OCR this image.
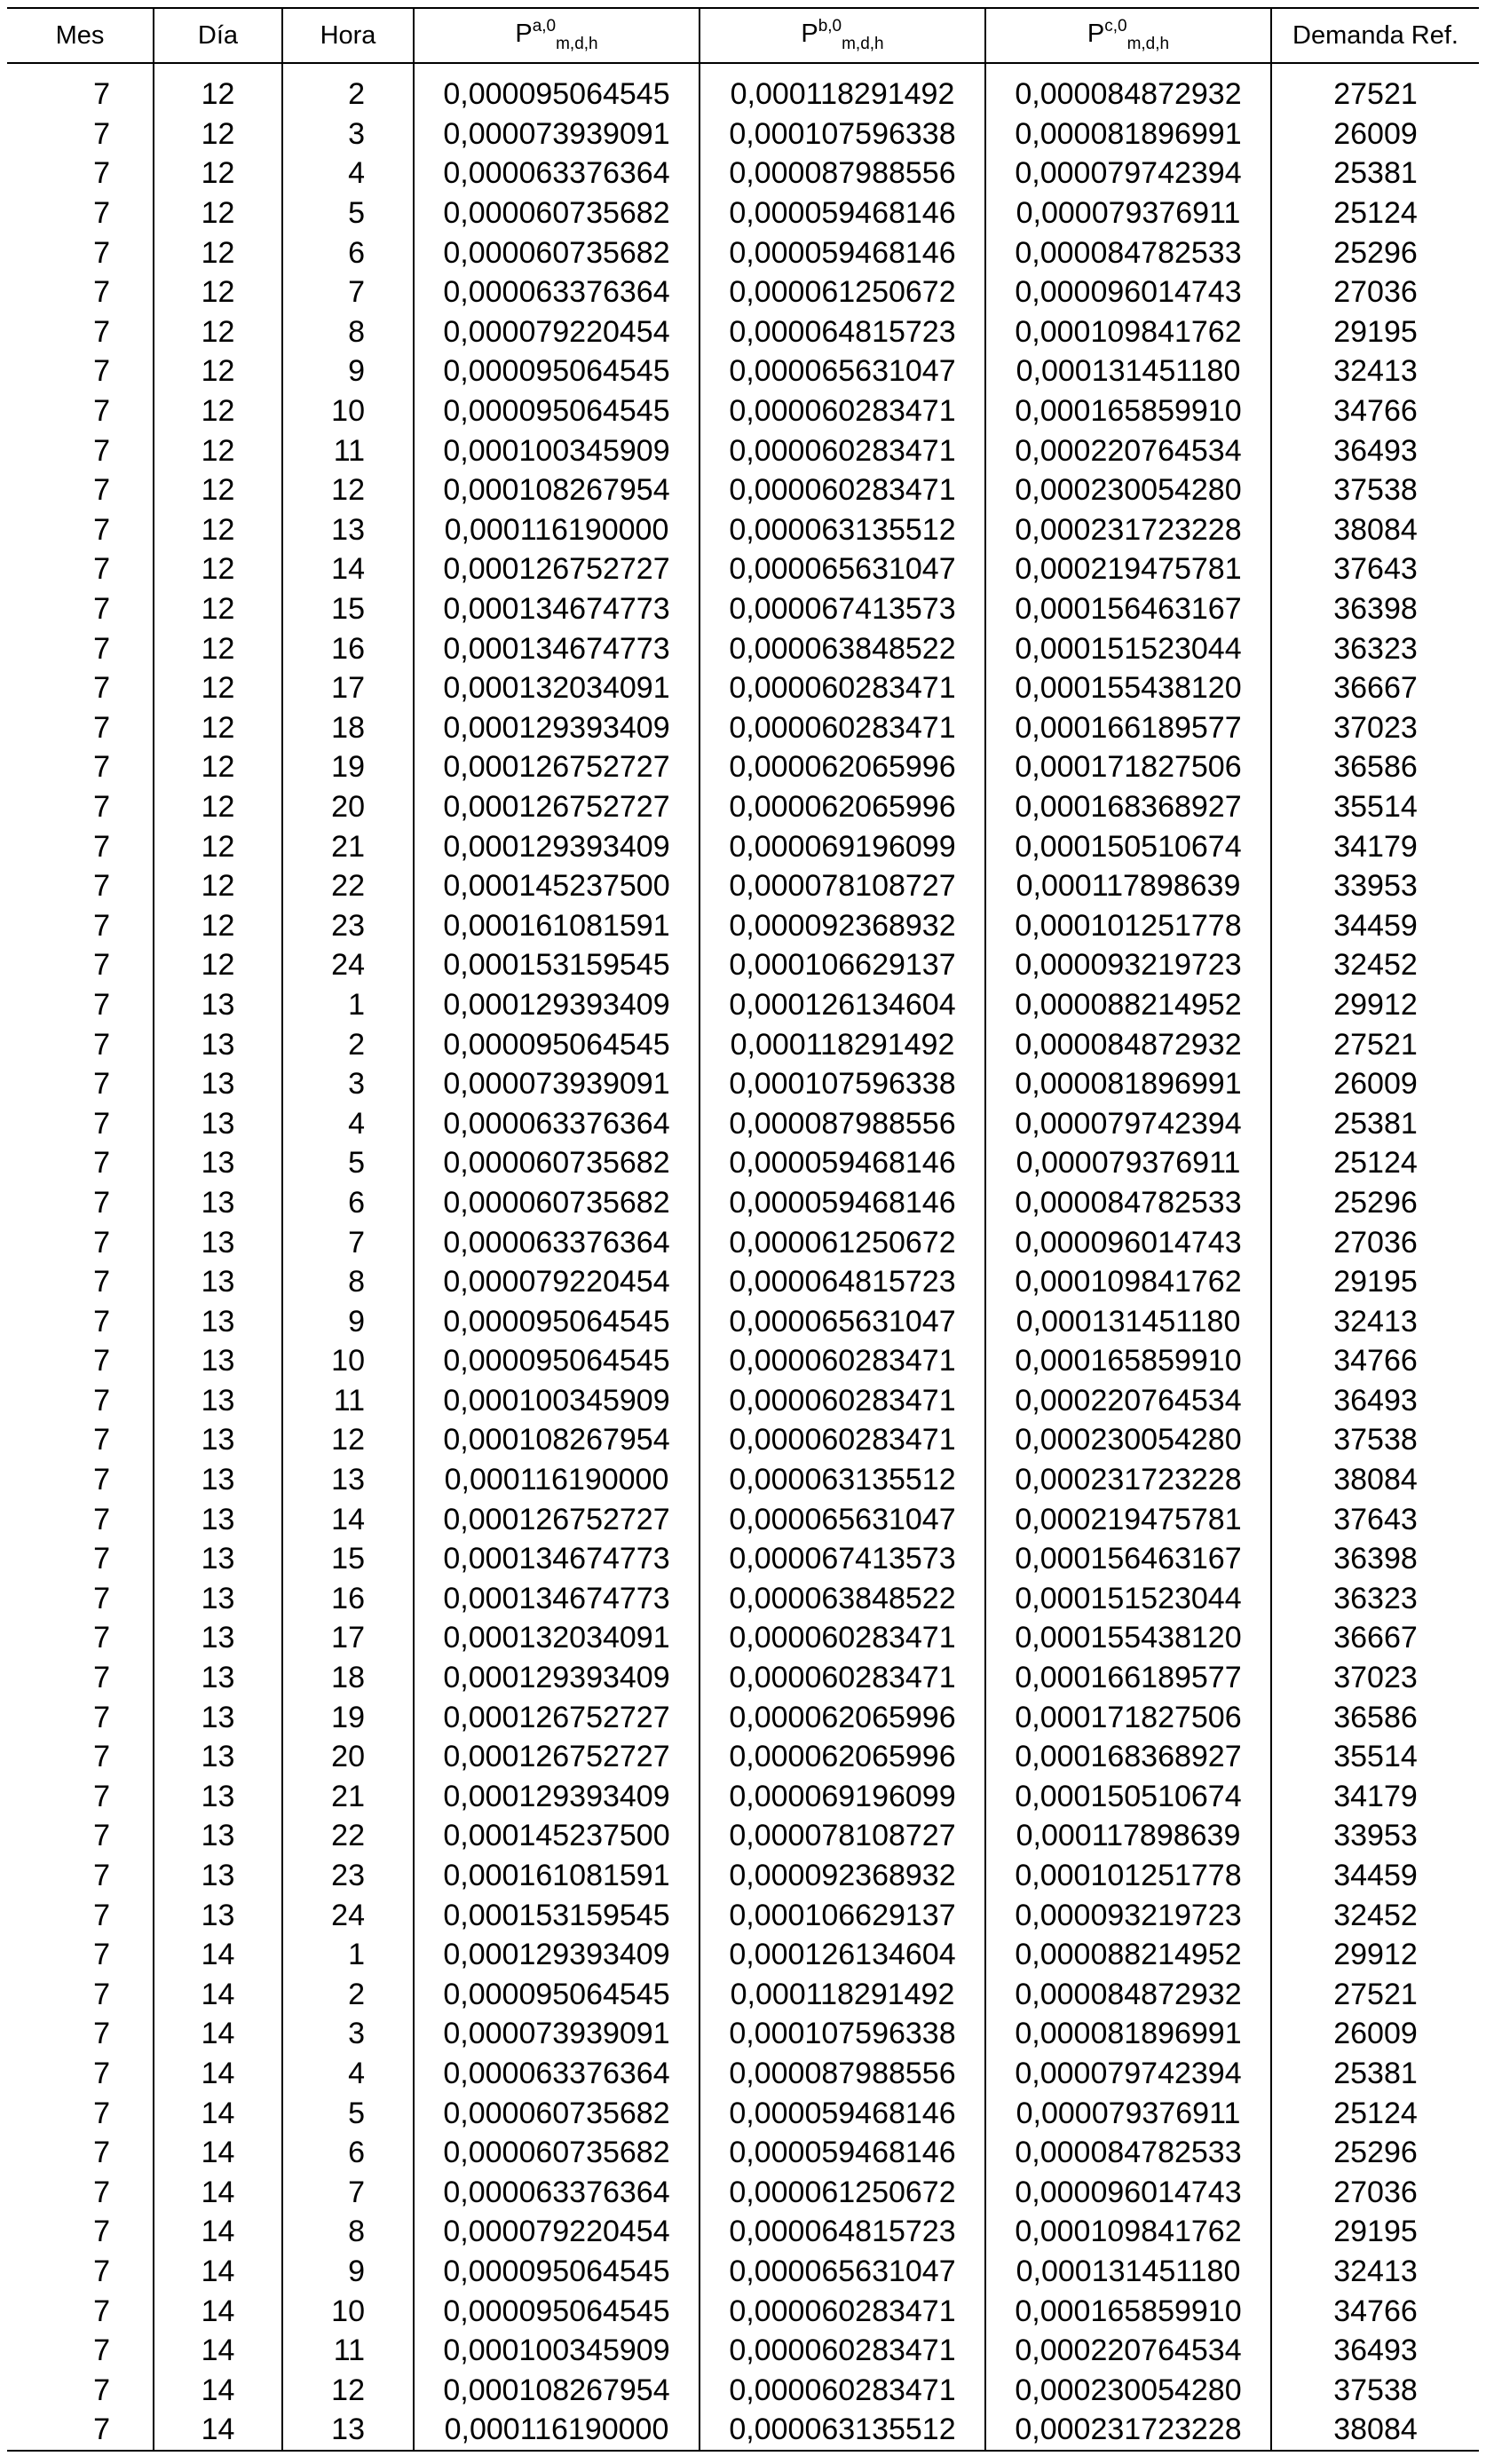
Mes	Día	Hora	P$^{a,0}_{m,d,h}$	P$^{b,0}_{m,d,h}$	P$^{c,0}_{m,d,h}$	Demanda Ref.
7	12	2	0,000095064545	0,000118291492	0,000084872932	27521
7	12	3	0,000073939091	0,000107596338	0,000081896991	26009
7	12	4	0,000063376364	0,000087988556	0,000079742394	25381
7	12	5	0,000060735682	0,000059468146	0,000079376911	25124
7	12	6	0,000060735682	0,000059468146	0,000084782533	25296
7	12	7	0,000063376364	0,000061250672	0,000096014743	27036
7	12	8	0,000079220454	0,000064815723	0,000109841762	29195
7	12	9	0,000095064545	0,000065631047	0,000131451180	32413
7	12	10	0,000095064545	0,000060283471	0,000165859910	34766
7	12	11	0,000100345909	0,000060283471	0,000220764534	36493
7	12	12	0,000108267954	0,000060283471	0,000230054280	37538
7	12	13	0,000116190000	0,000063135512	0,000231723228	38084
7	12	14	0,000126752727	0,000065631047	0,000219475781	37643
7	12	15	0,000134674773	0,000067413573	0,000156463167	36398
7	12	16	0,000134674773	0,000063848522	0,000151523044	36323
7	12	17	0,000132034091	0,000060283471	0,000155438120	36667
7	12	18	0,000129393409	0,000060283471	0,000166189577	37023
7	12	19	0,000126752727	0,000062065996	0,000171827506	36586
7	12	20	0,000126752727	0,000062065996	0,000168368927	35514
7	12	21	0,000129393409	0,000069196099	0,000150510674	34179
7	12	22	0,000145237500	0,000078108727	0,000117898639	33953
7	12	23	0,000161081591	0,000092368932	0,000101251778	34459
7	12	24	0,000153159545	0,000106629137	0,000093219723	32452
7	13	1	0,000129393409	0,000126134604	0,000088214952	29912
7	13	2	0,000095064545	0,000118291492	0,000084872932	27521
7	13	3	0,000073939091	0,000107596338	0,000081896991	26009
7	13	4	0,000063376364	0,000087988556	0,000079742394	25381
7	13	5	0,000060735682	0,000059468146	0,000079376911	25124
7	13	6	0,000060735682	0,000059468146	0,000084782533	25296
7	13	7	0,000063376364	0,000061250672	0,000096014743	27036
7	13	8	0,000079220454	0,000064815723	0,000109841762	29195
7	13	9	0,000095064545	0,000065631047	0,000131451180	32413
7	13	10	0,000095064545	0,000060283471	0,000165859910	34766
7	13	11	0,000100345909	0,000060283471	0,000220764534	36493
7	13	12	0,000108267954	0,000060283471	0,000230054280	37538
7	13	13	0,000116190000	0,000063135512	0,000231723228	38084
7	13	14	0,000126752727	0,000065631047	0,000219475781	37643
7	13	15	0,000134674773	0,000067413573	0,000156463167	36398
7	13	16	0,000134674773	0,000063848522	0,000151523044	36323
7	13	17	0,000132034091	0,000060283471	0,000155438120	36667
7	13	18	0,000129393409	0,000060283471	0,000166189577	37023
7	13	19	0,000126752727	0,000062065996	0,000171827506	36586
7	13	20	0,000126752727	0,000062065996	0,000168368927	35514
7	13	21	0,000129393409	0,000069196099	0,000150510674	34179
7	13	22	0,000145237500	0,000078108727	0,000117898639	33953
7	13	23	0,000161081591	0,000092368932	0,000101251778	34459
7	13	24	0,000153159545	0,000106629137	0,000093219723	32452
7	14	1	0,000129393409	0,000126134604	0,000088214952	29912
7	14	2	0,000095064545	0,000118291492	0,000084872932	27521
7	14	3	0,000073939091	0,000107596338	0,000081896991	26009
7	14	4	0,000063376364	0,000087988556	0,000079742394	25381
7	14	5	0,000060735682	0,000059468146	0,000079376911	25124
7	14	6	0,000060735682	0,000059468146	0,000084782533	25296
7	14	7	0,000063376364	0,000061250672	0,000096014743	27036
7	14	8	0,000079220454	0,000064815723	0,000109841762	29195
7	14	9	0,000095064545	0,000065631047	0,000131451180	32413
7	14	10	0,000095064545	0,000060283471	0,000165859910	34766
7	14	11	0,000100345909	0,000060283471	0,000220764534	36493
7	14	12	0,000108267954	0,000060283471	0,000230054280	37538
7	14	13	0,000116190000	0,000063135512	0,000231723228	38084
